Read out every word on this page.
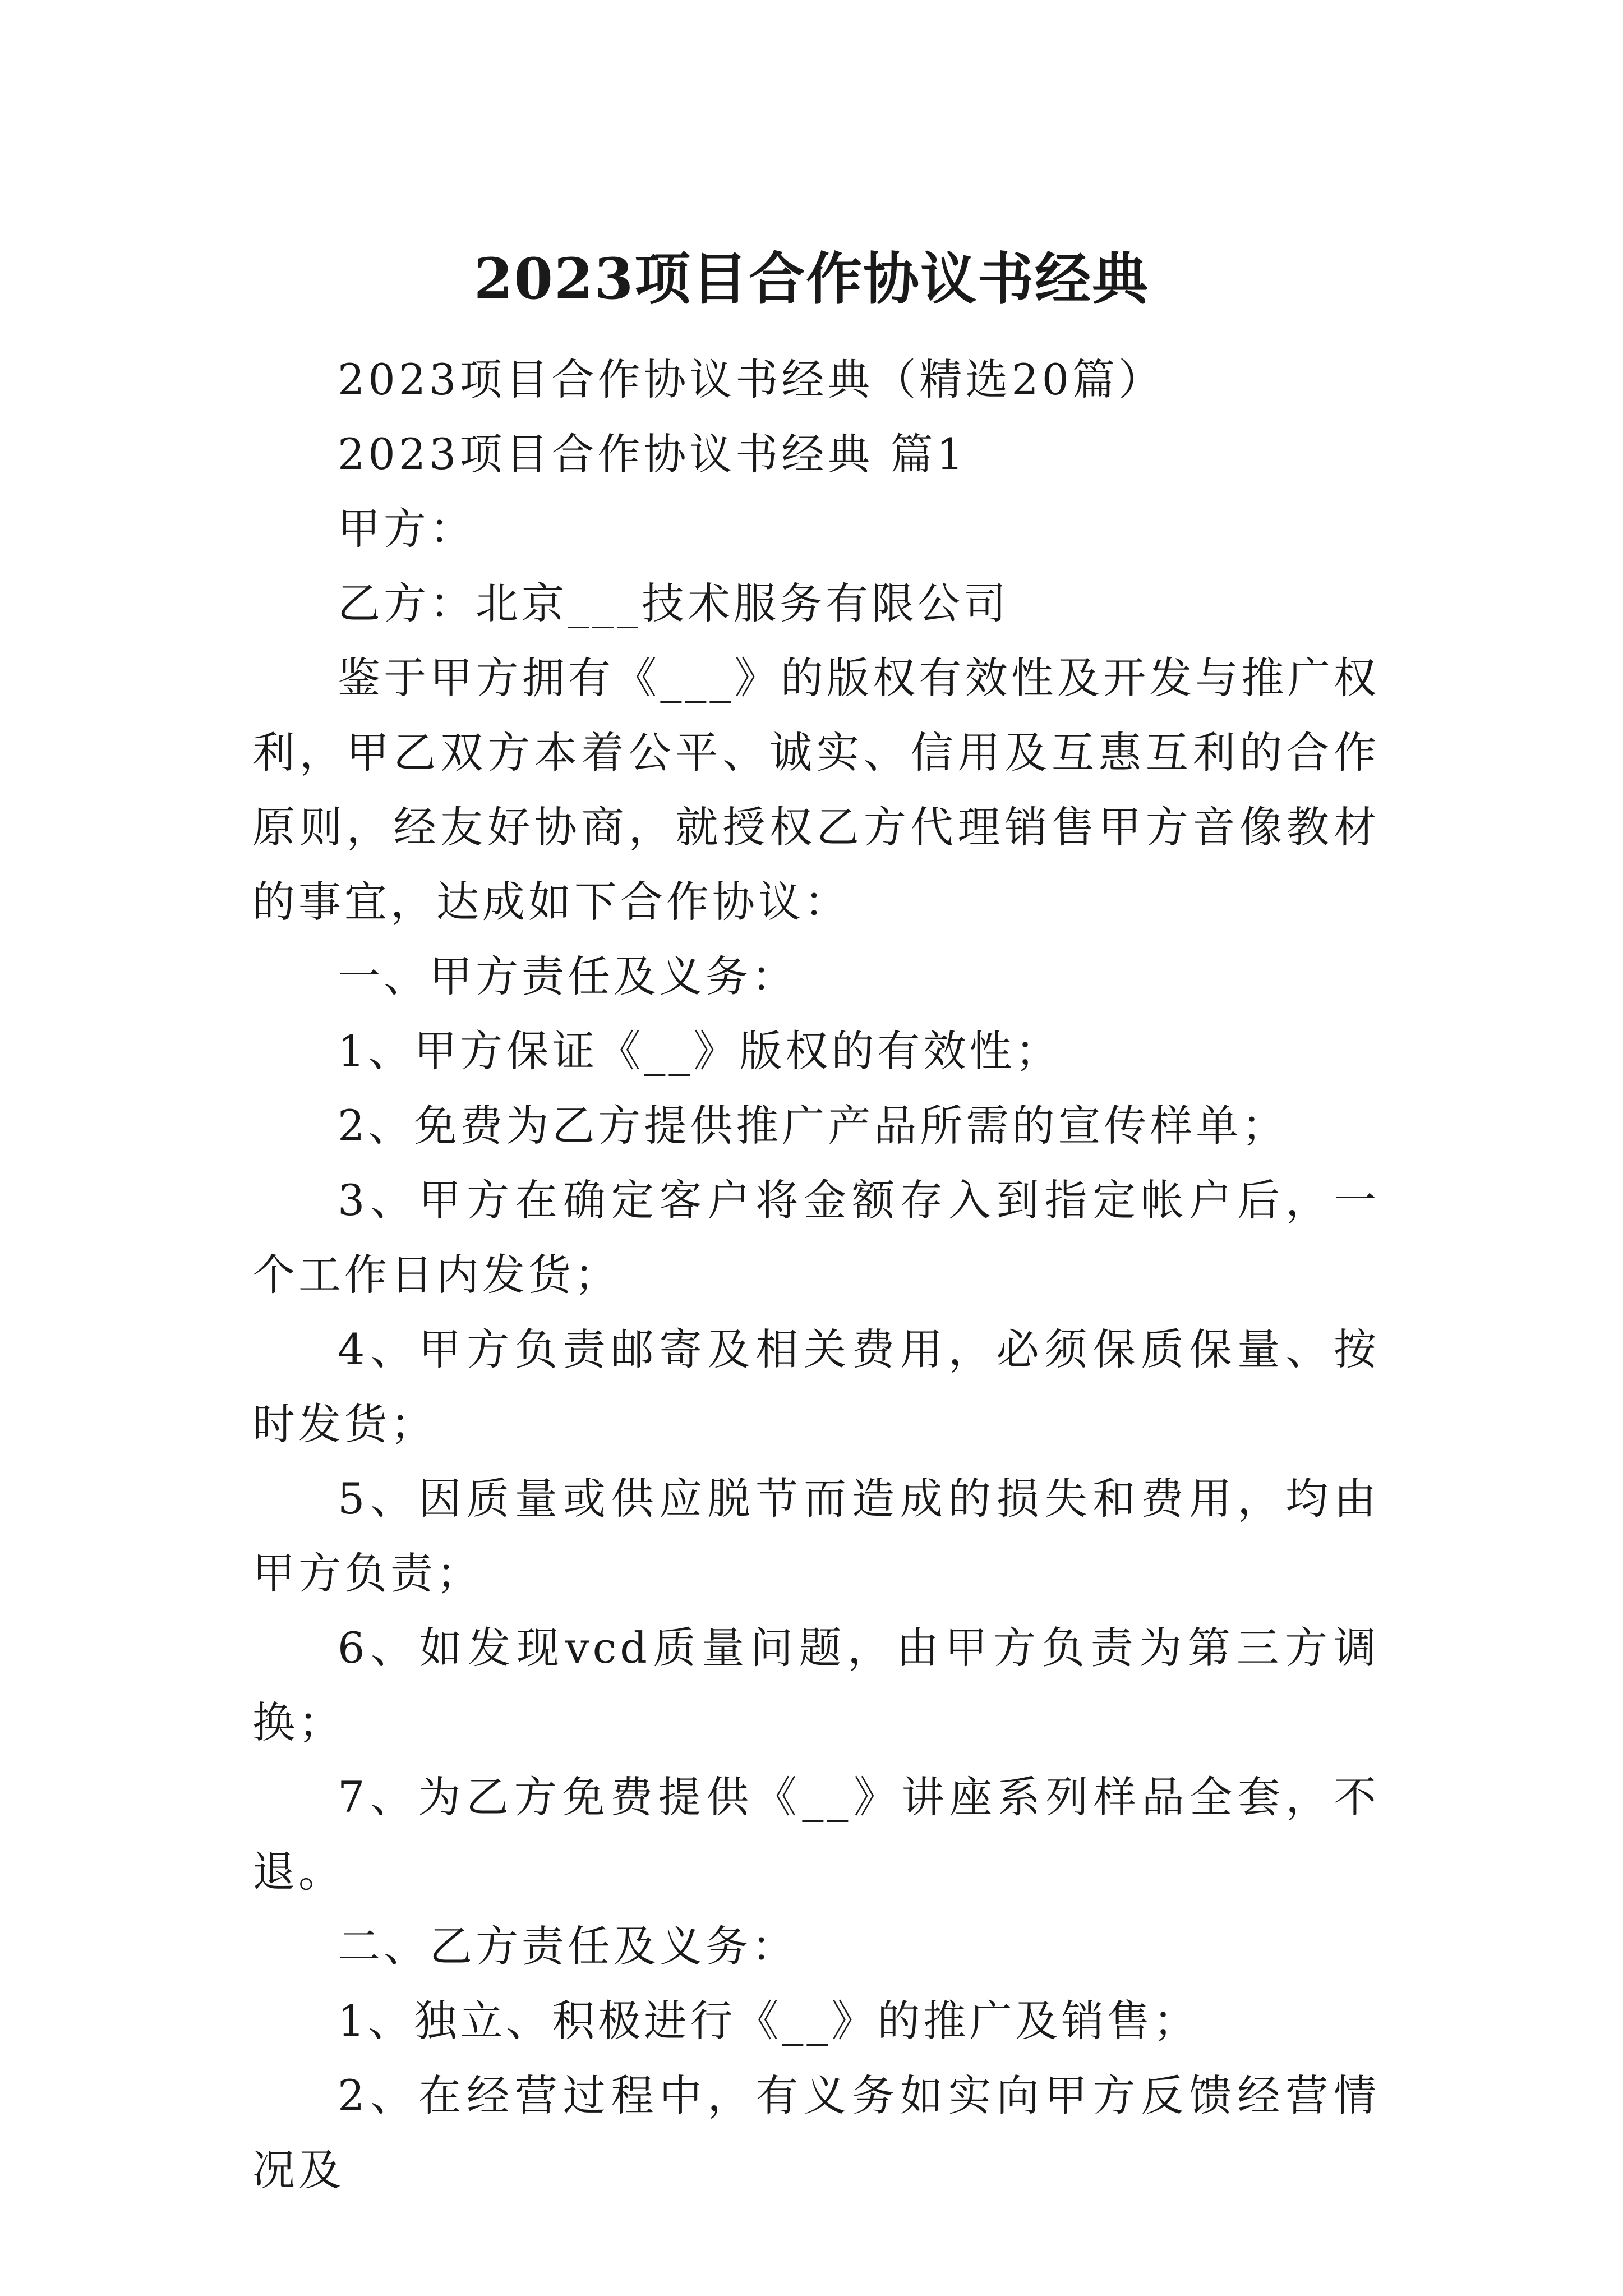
2023项目合作协议书经典

2023项目合作协议书经典（精选20篇）

2023项目合作协议书经典 篇1

甲方：

乙方：北京___技术服务有限公司

鉴于甲方拥有《___》的版权有效性及开发与推广权利，甲乙双方本着公平、诚实、信用及互惠互利的合作原则，经友好协商，就授权乙方代理销售甲方音像教材的事宜，达成如下合作协议：

一、甲方责任及义务：

1、甲方保证《__》版权的有效性；

2、免费为乙方提供推广产品所需的宣传样单；

3、甲方在确定客户将金额存入到指定帐户后，一个工作日内发货；

4、甲方负责邮寄及相关费用，必须保质保量、按时发货；

5、因质量或供应脱节而造成的损失和费用，均由甲方负责；

6、如发现vcd质量问题，由甲方负责为第三方调换；

7、为乙方免费提供《__》讲座系列样品全套，不退。

二、乙方责任及义务：

1、独立、积极进行《__》的推广及销售；

2、在经营过程中，有义务如实向甲方反馈经营情况及
